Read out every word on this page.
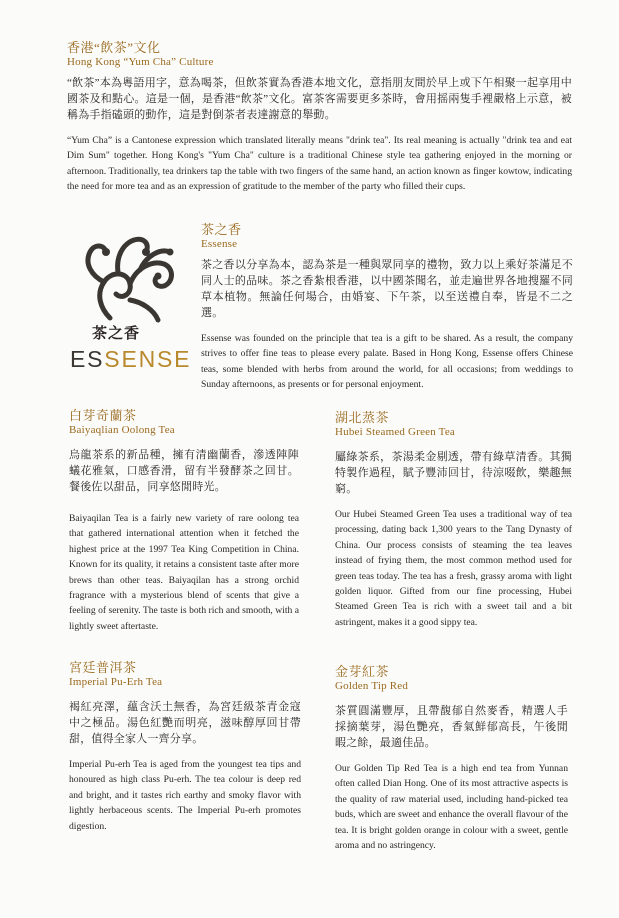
香港“飲茶”文化
Hong Kong “Yum Cha” Culture

“飲茶”本為粵語用字，意為喝茶，但飲茶實為香港本地文化，意指朋友間於早上或下午相聚一起享用中國茶及和點心。這是一個，是香港“飲茶”文化。富茶客需要更多茶時，會用摇兩隻手裡嚴格上示意，被稱為手指磕頭的動作，這是對倒茶者表達謝意的舉動。

“Yum Cha” is a Cantonese expression which translated literally means "drink tea". Its real meaning is actually "drink tea and eat Dim Sum" together. Hong Kong's "Yum Cha" culture is a traditional Chinese style tea gathering enjoyed in the morning or afternoon. Traditionally, tea drinkers tap the table with two fingers of the same hand, an action known as finger kowtow, indicating the need for more tea and as an expression of gratitude to the member of the party who filled their cups.

茶之香
ESSENSE
茶之香
Essense

茶之香以分享為本，認為茶是一種與眾同享的禮物，致力以上乘好茶滿足不同人士的品味。茶之香紮根香港，以中國茶聞名，並走遍世界各地搜羅不同草本植物。無論任何場合，由婚宴、下午茶，以至送禮自奉，皆是不二之選。

Essense was founded on the principle that tea is a gift to be shared. As a result, the company strives to offer fine teas to please every palate. Based in Hong Kong, Essense offers Chinese teas, some blended with herbs from around the world, for all occasions; from weddings to Sunday afternoons, as presents or for personal enjoyment.

白芽奇蘭茶
Baiyaqlian Oolong Tea

烏龍茶系的新品種，擁有清幽蘭香，滲透陣陣蟻花雅氣，口感香滑，留有半發酵茶之回甘。餐後佐以甜品，同享悠閒時光。

Baiyaqilan Tea is a fairly new variety of rare oolong tea that gathered international attention when it fetched the highest price at the 1997 Tea King Competition in China. Known for its quality, it retains a consistent taste after more brews than other teas. Baiyaqilan has a strong orchid fragrance with a mysterious blend of scents that give a feeling of serenity. The taste is both rich and smooth, with a lightly sweet aftertaste.

湖北蒸茶
Hubei Steamed Green Tea

屬綠茶系，茶湯柔金剔透，帶有綠草清香。其獨特製作過程，賦予豐沛回甘，待涼啜飲，樂趣無窮。

Our Hubei Steamed Green Tea uses a traditional way of tea processing, dating back 1,300 years to the Tang Dynasty of China. Our process consists of steaming the tea leaves instead of frying them, the most common method used for green teas today. The tea has a fresh, grassy aroma with light golden liquor. Gifted from our fine processing, Hubei Steamed Green Tea is rich with a sweet tail and a bit astringent, makes it a good sippy tea.

宮廷普洱茶
Imperial Pu-Erh Tea

褐紅亮澤，蘊含沃土無香，為宮廷級茶青金寇中之極品。湯色紅艷而明亮，滋味醇厚回甘帶甜，值得全家人一齊分享。

Imperial Pu-erh Tea is aged from the youngest tea tips and honoured as high class Pu-erh. The tea colour is deep red and bright, and it tastes rich earthy and smoky flavor with lightly herbaceous scents. The Imperial Pu-erh promotes digestion.

金芽紅茶
Golden Tip Red

茶質圓滿豐厚，且帶馥郁自然麥香，精選人手採摘葉芽，湯色艷亮，香氣鮮郁高長，午後閒暇之餘，最適佳品。

Our Golden Tip Red Tea is a high end tea from Yunnan often called Dian Hong. One of its most attractive aspects is the quality of raw material used, including hand-picked tea buds, which are sweet and enhance the overall flavour of the tea. It is bright golden orange in colour with a sweet, gentle aroma and no astringency.
